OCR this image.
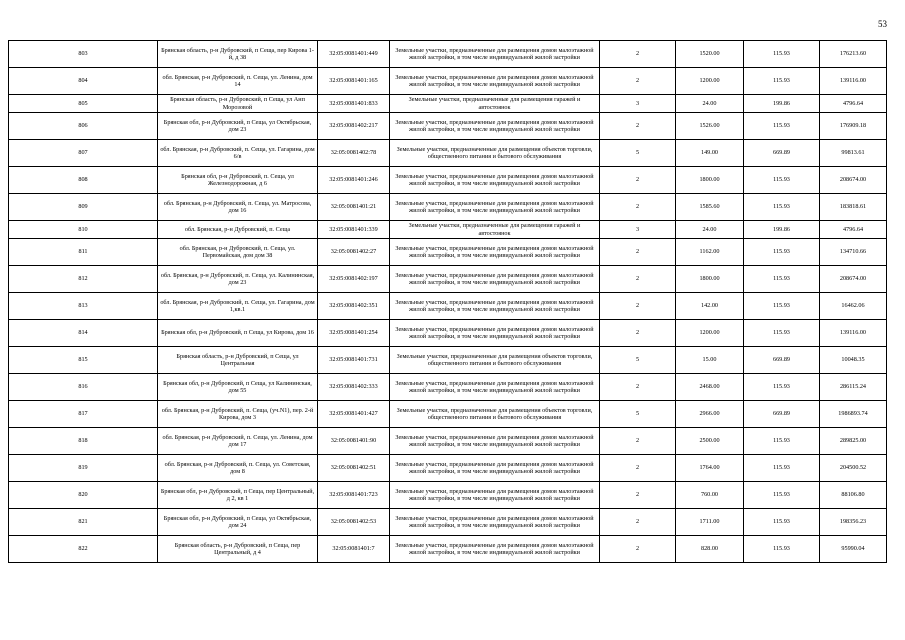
53
803	Брянская область, р-н Дубровский, п Сеща, пер Кирова 1-й, д 38	32:05:0081401:449	Земельные участки, предназначенные для размещения домов малоэтажной жилой застройки, в том числе индивидуальной жилой застройки	2	1520.00	115.93	176213.60
804	обл. Брянская, р-н Дубровский, п. Сеща, ул. Ленина, дом 14	32:05:0081401:165	Земельные участки, предназначенные для размещения домов малоэтажной жилой застройки, в том числе индивидуальной жилой застройки	2	1200.00	115.93	139116.00
805	Брянская область, р-н Дубровский, п Сеща, ул Анп Морозовой	32:05:0081401:833	Земельные участки, предназначенные для размещения гаражей и автостоянок	3	24.00	199.86	4796.64
806	Брянская обл, р-н Дубровский, п Сеща, ул Октябрьская, дом 23	32:05:0081402:217	Земельные участки, предназначенные для размещения домов малоэтажной жилой застройки, в том числе индивидуальной жилой застройки	2	1526.00	115.93	176909.18
807	обл. Брянская, р-н Дубровский, п. Сеща, ул. Гагарина, дом 6/в	32:05:0081402:78	Земельные участки, предназначенные для размещения объектов торговли, общественного питания и бытового обслуживания	5	149.00	669.89	99813.61
808	Брянская обл, р-н Дубровский, п. Сеща, ул Железнодорожная, д 6	32:05:0081401:246	Земельные участки, предназначенные для размещения домов малоэтажной жилой застройки, в том числе индивидуальной жилой застройки	2	1800.00	115.93	208674.00
809	обл. Брянская, р-н Дубровский, п. Сеща, ул. Матросова, дом 16	32:05:0081401:21	Земельные участки, предназначенные для размещения домов малоэтажной жилой застройки, в том числе индивидуальной жилой застройки	2	1585.60	115.93	183818.61
810	обл. Брянская, р-н Дубровский, п. Сеща	32:05:0081401:339	Земельные участки, предназначенные для размещения гаражей и автостоянок	3	24.00	199.86	4796.64
811	обл. Брянская, р-н Дубровский, п. Сеща, ул. Первомайская, дом дом 38	32:05:0081402:27	Земельные участки, предназначенные для размещения домов малоэтажной жилой застройки, в том числе индивидуальной жилой застройки	2	1162.00	115.93	134710.66
812	обл. Брянская, р-н Дубровский, п. Сеща, ул. Калининская, дом 23	32:05:0081402:197	Земельные участки, предназначенные для размещения домов малоэтажной жилой застройки, в том числе индивидуальной жилой застройки	2	1800.00	115.93	208674.00
813	обл. Брянская, р-н Дубровский, п. Сеща, ул. Гагарина, дом 1,кв.1	32:05:0081402:351	Земельные участки, предназначенные для размещения домов малоэтажной жилой застройки, в том числе индивидуальной жилой застройки	2	142.00	115.93	16462.06
814	Брянская обл, р-н Дубровский, п Сеща, ул Кирова, дом 16	32:05:0081401:254	Земельные участки, предназначенные для размещения домов малоэтажной жилой застройки, в том числе индивидуальной жилой застройки	2	1200.00	115.93	139116.00
815	Брянская область, р-н Дубровский, п Сеща, ул Центральная	32:05:0081401:731	Земельные участки, предназначенные для размещения объектов торговли, общественного питания и бытового обслуживания	5	15.00	669.89	10048.35
816	Брянская обл, р-н Дубровский, п Сеща, ул Калининская, дом 55	32:05:0081402:333	Земельные участки, предназначенные для размещения домов малоэтажной жилой застройки, в том числе индивидуальной жилой застройки	2	2468.00	115.93	286115.24
817	обл. Брянская, р-н Дубровский, п. Сеща, (уч.N1), пер. 2-й Кирова, дом 3	32:05:0081401:427	Земельные участки, предназначенные для размещения объектов торговли, общественного питания и бытового обслуживания	5	2966.00	669.89	1986893.74
818	обл. Брянская, р-н Дубровский, п. Сеща, ул. Ленина, дом дом 17	32:05:0081401:90	Земельные участки, предназначенные для размещения домов малоэтажной жилой застройки, в том числе индивидуальной жилой застройки	2	2500.00	115.93	289825.00
819	обл. Брянская, р-н Дубровский, п. Сеща, ул. Советская, дом 8	32:05:0081402:51	Земельные участки, предназначенные для размещения домов малоэтажной жилой застройки, в том числе индивидуальной жилой застройки	2	1764.00	115.93	204500.52
820	Брянская обл, р-н Дубровский, п Сеща, пер Центральный, д 2, кв 1	32:05:0081401:723	Земельные участки, предназначенные для размещения домов малоэтажной жилой застройки, в том числе индивидуальной жилой застройки	2	760.00	115.93	88106.80
821	Брянская обл, р-н Дубровский, п Сеща, ул Октябрьская, дом 24	32:05:0081402:53	Земельные участки, предназначенные для размещения домов малоэтажной жилой застройки, в том числе индивидуальной жилой застройки	2	1711.00	115.93	198356.23
822	Брянская область, р-н Дубровский, п Сеща, пер Центральный, д 4	32:05:0081401:7	Земельные участки, предназначенные для размещения домов малоэтажной жилой застройки, в том числе индивидуальной жилой застройки	2	828.00	115.93	95990.04
